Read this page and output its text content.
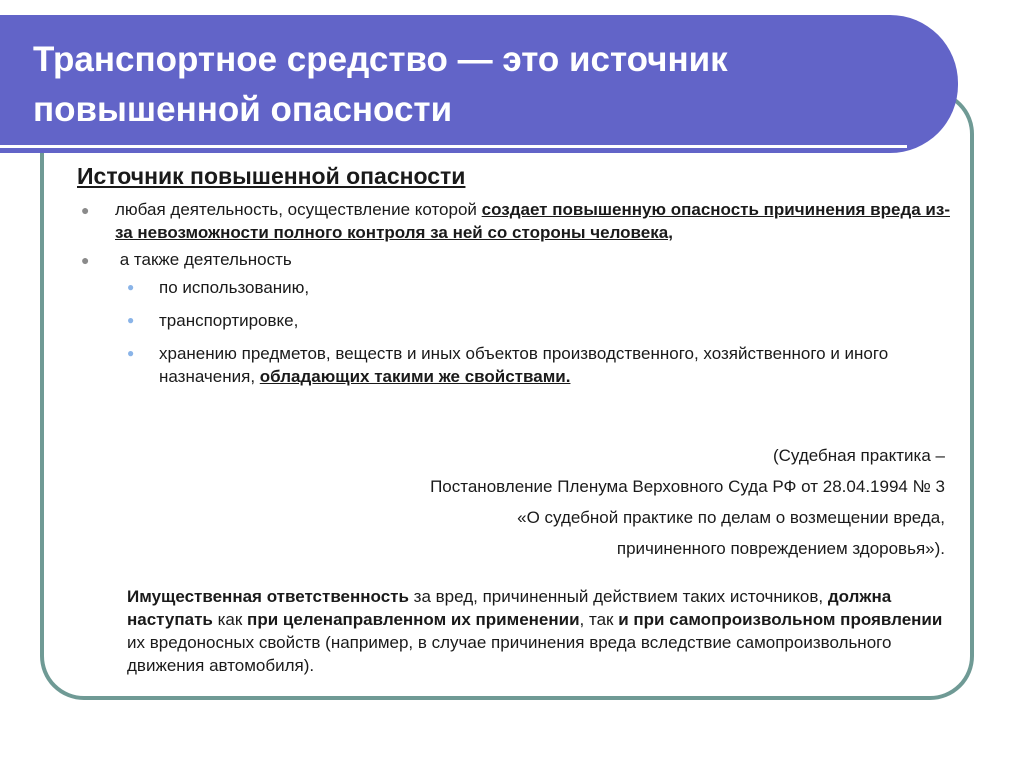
Транспортное средство — это источник
повышенной опасности
Источник повышенной опасности
● любая деятельность, осуществление которой создает повышенную опасность причинения вреда из-за невозможности полного контроля за ней со стороны человека,
● а также деятельность
● по использованию,
● транспортировке,
● хранению предметов, веществ и иных объектов производственного, хозяйственного и иного назначения, обладающих такими же свойствами.
(Судебная практика –
Постановление Пленума Верховного Суда РФ от 28.04.1994 № 3
«О судебной практике по делам о возмещении вреда,
причиненного повреждением здоровья»).
Имущественная ответственность за вред, причиненный действием таких источников, должна наступать как при целенаправленном их применении, так и при самопроизвольном проявлении их вредоносных свойств (например, в случае причинения вреда вследствие самопроизвольного движения автомобиля).
